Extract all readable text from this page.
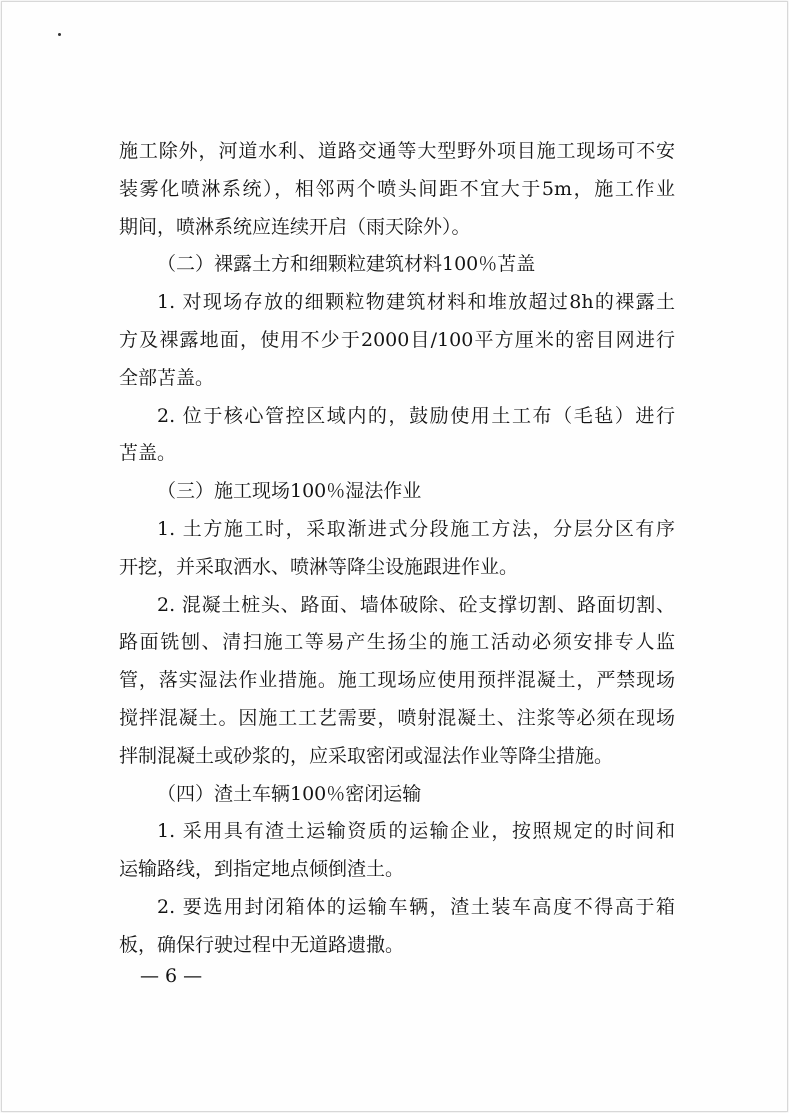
施工除外，河道水利、道路交通等大型野外项目施工现场可不安
装雾化喷淋系统），相邻两个喷头间距不宜大于5m，施工作业
期间，喷淋系统应连续开启（雨天除外）。
（二）裸露土方和细颗粒建筑材料100％苫盖
1. 对现场存放的细颗粒物建筑材料和堆放超过8h的裸露土
方及裸露地面，使用不少于2000目/100平方厘米的密目网进行
全部苫盖。
2. 位于核心管控区域内的，鼓励使用土工布（毛毡）进行
苫盖。
（三）施工现场100％湿法作业
1. 土方施工时，采取渐进式分段施工方法，分层分区有序
开挖，并采取洒水、喷淋等降尘设施跟进作业。
2. 混凝土桩头、路面、墙体破除、砼支撑切割、路面切割、
路面铣刨、清扫施工等易产生扬尘的施工活动必须安排专人监
管，落实湿法作业措施。施工现场应使用预拌混凝土，严禁现场
搅拌混凝土。因施工工艺需要，喷射混凝土、注浆等必须在现场
拌制混凝土或砂浆的，应采取密闭或湿法作业等降尘措施。
（四）渣土车辆100％密闭运输
1. 采用具有渣土运输资质的运输企业，按照规定的时间和
运输路线，到指定地点倾倒渣土。
2. 要选用封闭箱体的运输车辆，渣土装车高度不得高于箱
板，确保行驶过程中无道路遗撒。
— 6 —
